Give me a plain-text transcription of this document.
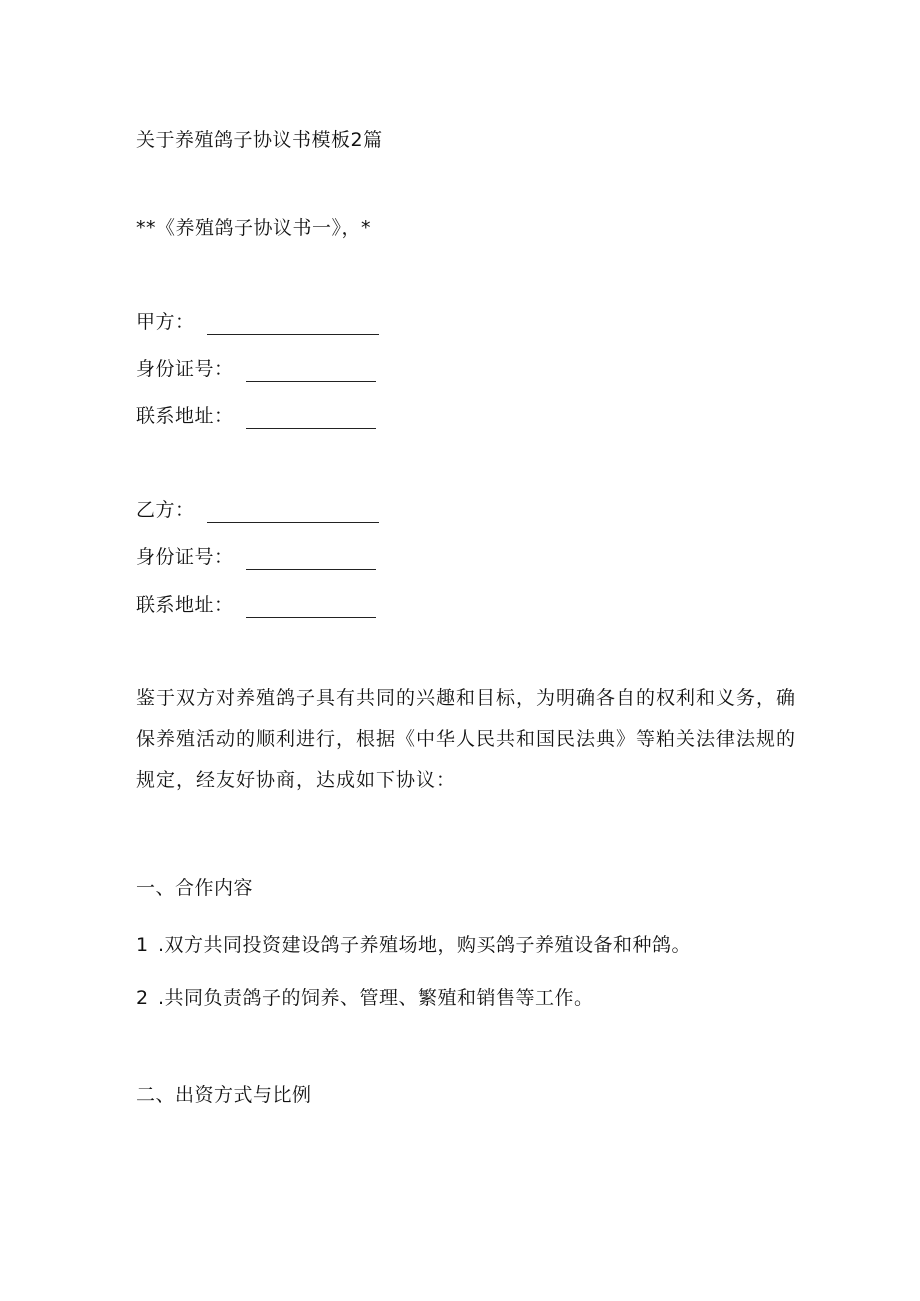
关于养殖鸽子协议书模板2篇
**《养殖鸽子协议书一》，*
甲方：
身份证号：
联系地址：
乙方：
身份证号：
联系地址：
鉴于双方对养殖鸽子具有共同的兴趣和目标，为明确各自的权利和义务，确保养殖活动的顺利进行，根据《中华人民共和国民法典》等粕关法律法规的规定，经友好协商，达成如下协议：
一、合作内容
1 .双方共同投资建设鸽子养殖场地，购买鸽子养殖设备和种鸽。
2 .共同负责鸽子的饲养、管理、繁殖和销售等工作。
二、出资方式与比例
